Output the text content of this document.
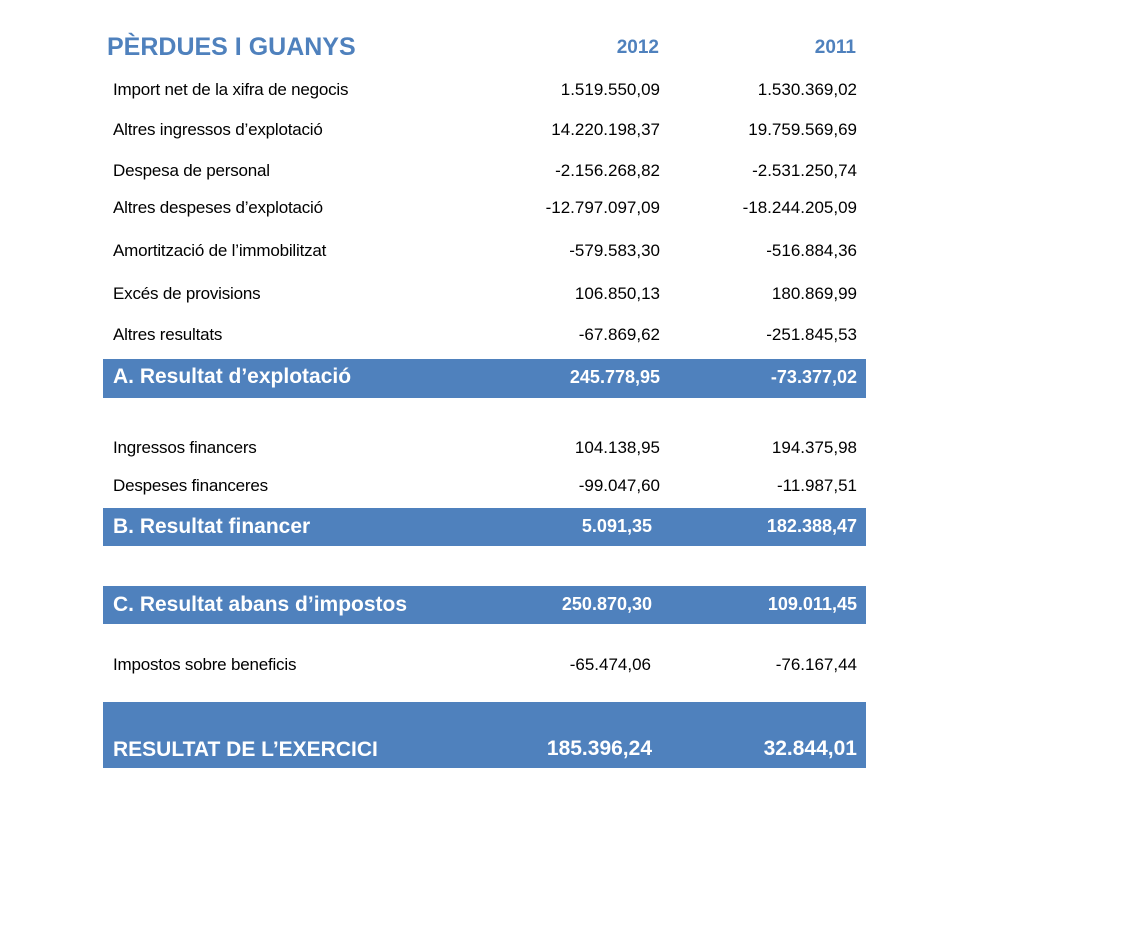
PÈRDUES I GUANYS	2012	2011
Import net de la xifra de negocis	1.519.550,09	1.530.369,02
Altres ingressos d’explotació	14.220.198,37	19.759.569,69
Despesa de personal	-2.156.268,82	-2.531.250,74
Altres despeses d’explotació	-12.797.097,09	-18.244.205,09
Amortització de l’immobilitzat	-579.583,30	-516.884,36
Excés de provisions	106.850,13	180.869,99
Altres resultats	-67.869,62	-251.845,53
A. Resultat d’explotació	245.778,95	-73.377,02
Ingressos financers	104.138,95	194.375,98
Despeses financeres	-99.047,60	-11.987,51
B. Resultat financer	5.091,35	182.388,47
C. Resultat abans d’impostos	250.870,30	109.011,45
Impostos sobre beneficis	-65.474,06	-76.167,44
RESULTAT DE L’EXERCICI	185.396,24	32.844,01
